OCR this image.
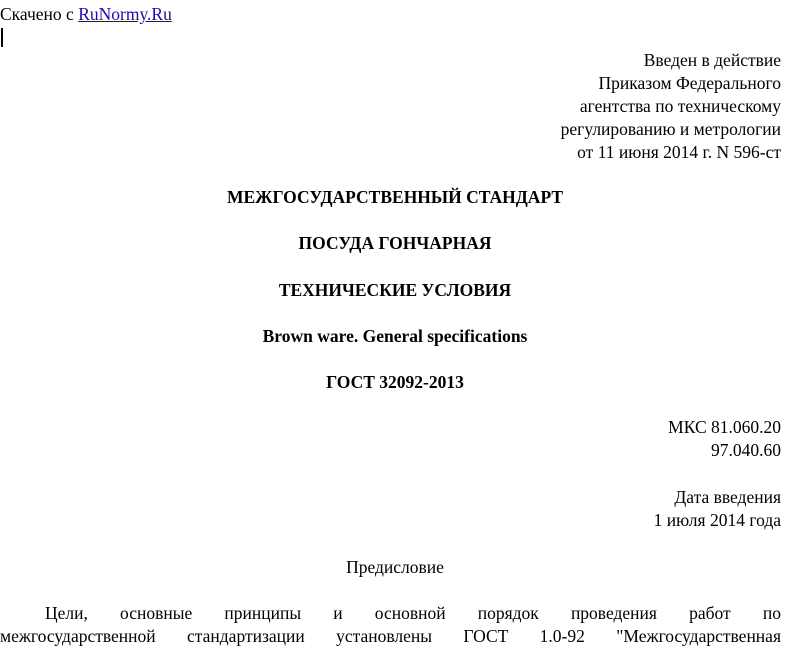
Скачено с RuNormy.Ru
Введен в действие
Приказом Федерального
агентства по техническому
регулированию и метрологии
от 11 июня 2014 г. N 596-ст
МЕЖГОСУДАРСТВЕННЫЙ СТАНДАРТ
ПОСУДА ГОНЧАРНАЯ
ТЕХНИЧЕСКИЕ УСЛОВИЯ
Brown ware. General specifications
ГОСТ 32092-2013
МКС 81.060.20
97.040.60
Дата введения
1 июля 2014 года
Предисловие
Цели, основные принципы и основной порядок проведения работ по
межгосударственной стандартизации установлены ГОСТ 1.0-92 "Межгосударственная
